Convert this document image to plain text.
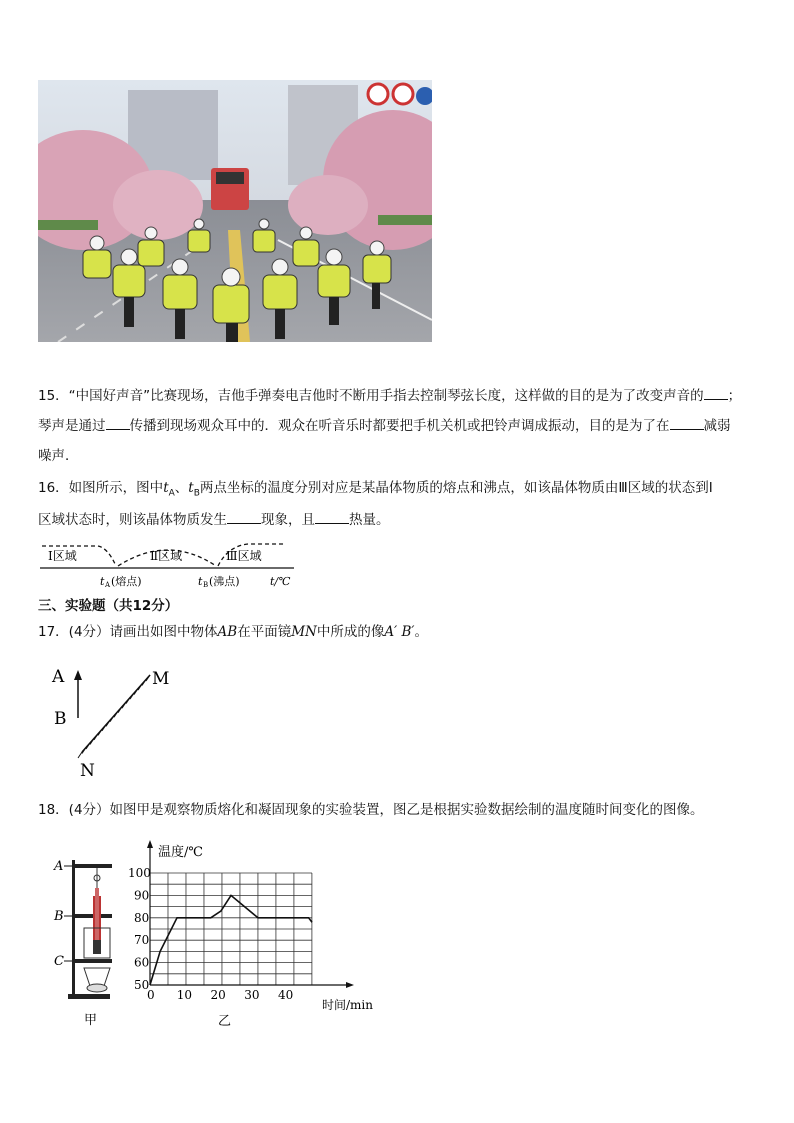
15．“中国好声音”比赛现场，吉他手弹奏电吉他时不断用手指去控制琴弦长度，这样做的目的是为了改变声音的 ；
琴声是通过 传播到现场观众耳中的．观众在听音乐时都要把手机关机或把铃声调成振动，目的是为了在	减弱
噪声．
16．如图所示，图中$t_A$、$t_B$两点坐标的温度分别对应是某晶体物质的熔点和沸点，如该晶体物质由Ⅲ区域的状态到Ⅰ
区域状态时，则该晶体物质发生	现象，且	热量。
Ⅰ区域	Ⅱ区域	Ⅲ区域
t A (熔点)	t B (沸点)	t/℃
三、实验题（共12分）
17．(4分）请画出如图中物体AB在平面镜MN中所成的像A′ B′。
A
B
M
N
18．(4分）如图甲是观察物质熔化和凝固现象的实验装置，图乙是根据实验数据绘制的温度随时间变化的图像。
A
B
C
甲
0 10 20 30 40
50
60
70
80
90
100
温度/℃
时间/min
乙
